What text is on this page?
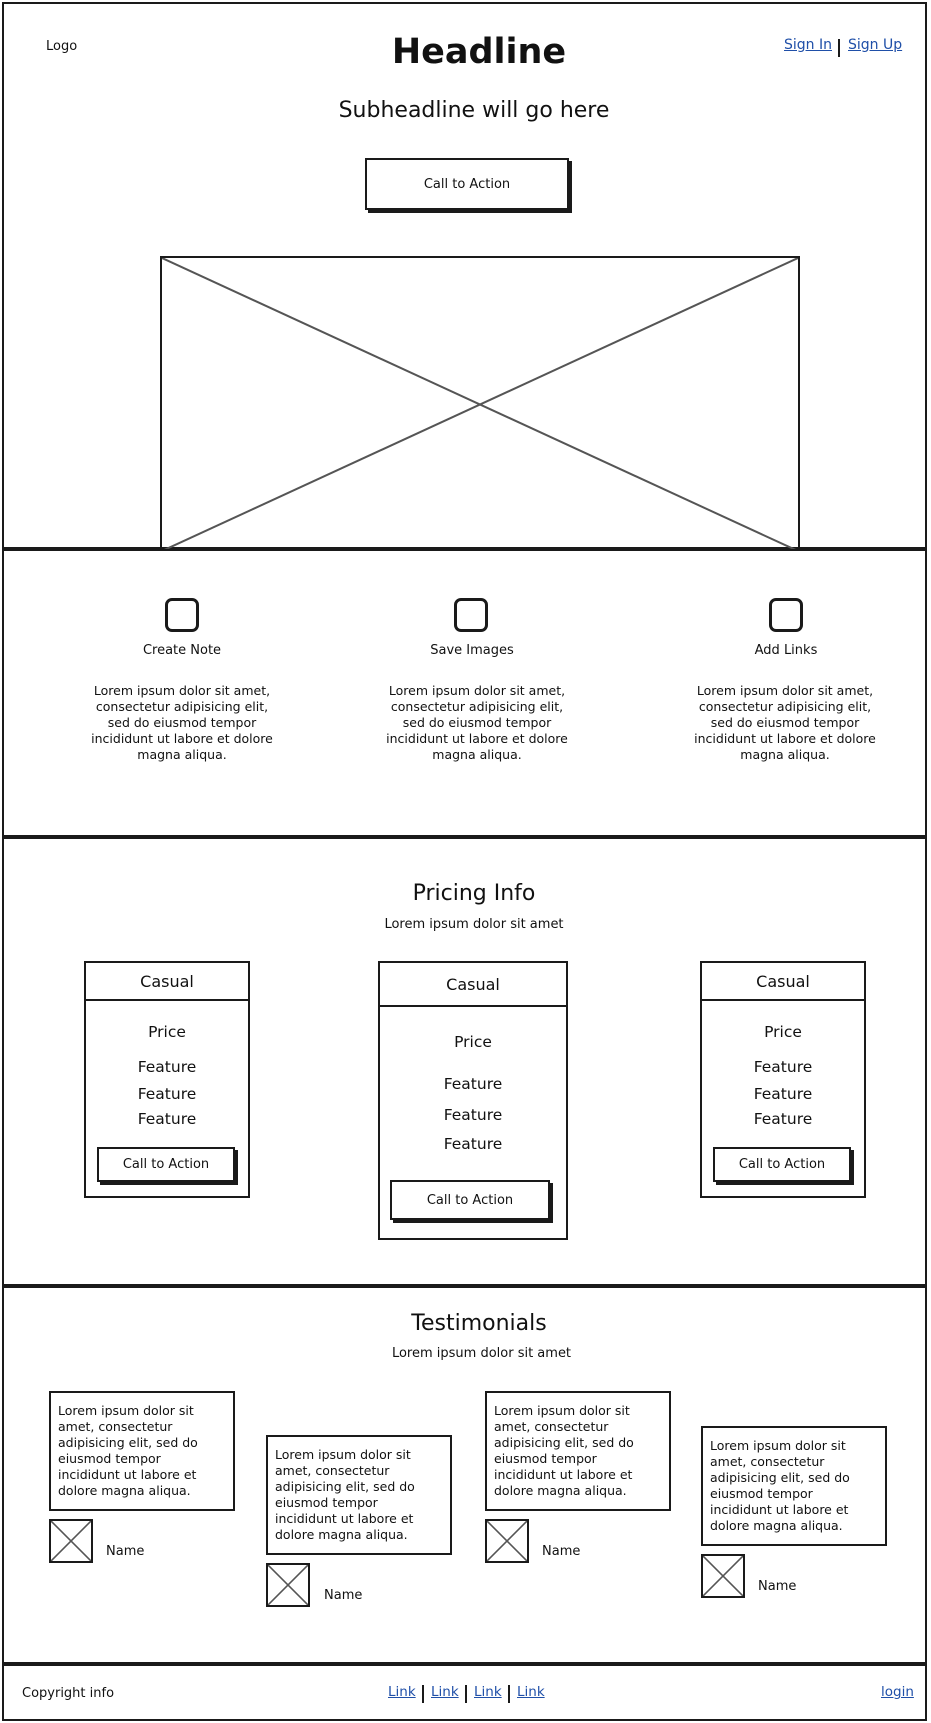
Logo	Headline	Sign In Sign Up
Subheadline will go here
Call to Action
Create Note
Lorem ipsum dolor sit amet, consectetur adipisicing elit, sed do eiusmod tempor incididunt ut labore et dolore magna aliqua.
Save Images
Lorem ipsum dolor sit amet, consectetur adipisicing elit, sed do eiusmod tempor incididunt ut labore et dolore magna aliqua.
Add Links
Lorem ipsum dolor sit amet, consectetur adipisicing elit, sed do eiusmod tempor incididunt ut labore et dolore magna aliqua.
Pricing Info
Lorem ipsum dolor sit amet
Casual
Price
Feature
Feature
Feature
Call to Action
Casual
Price
Feature
Feature
Feature
Call to Action
Casual
Price
Feature
Feature
Feature
Call to Action
Testimonials
Lorem ipsum dolor sit amet
Lorem ipsum dolor sit amet, consectetur adipisicing elit, sed do eiusmod tempor incididunt ut labore et dolore magna aliqua.
Name
Lorem ipsum dolor sit amet, consectetur adipisicing elit, sed do eiusmod tempor incididunt ut labore et dolore magna aliqua.
Name
Lorem ipsum dolor sit amet, consectetur adipisicing elit, sed do eiusmod tempor incididunt ut labore et dolore magna aliqua.
Name
Lorem ipsum dolor sit amet, consectetur adipisicing elit, sed do eiusmod tempor incididunt ut labore et dolore magna aliqua.
Name
Copyright info	Link Link Link Link	login
